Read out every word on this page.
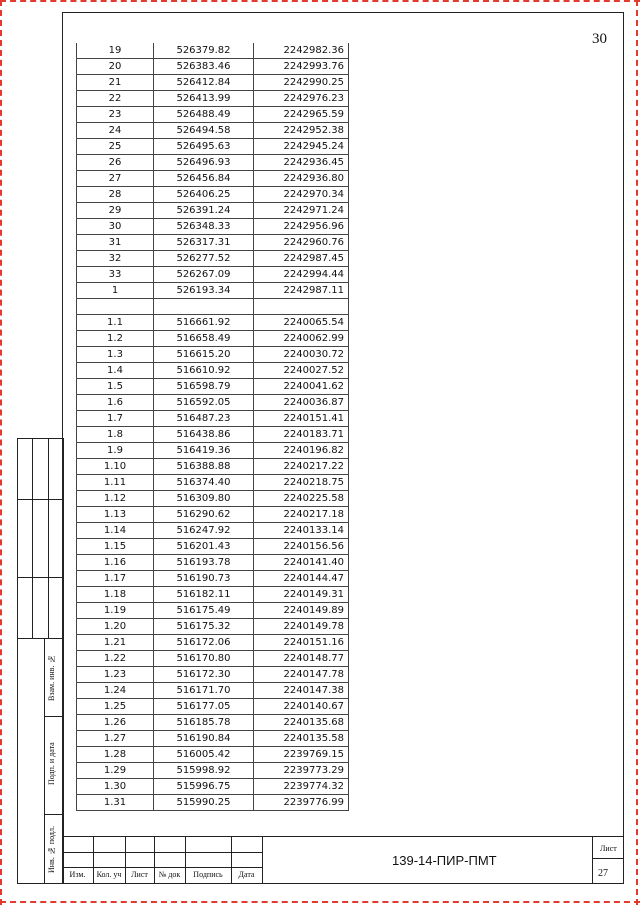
30
19	526379.82	2242982.36
20	526383.46	2242993.76
21	526412.84	2242990.25
22	526413.99	2242976.23
23	526488.49	2242965.59
24	526494.58	2242952.38
25	526495.63	2242945.24
26	526496.93	2242936.45
27	526456.84	2242936.80
28	526406.25	2242970.34
29	526391.24	2242971.24
30	526348.33	2242956.96
31	526317.31	2242960.76
32	526277.52	2242987.45
33	526267.09	2242994.44
1	526193.34	2242987.11

1.1	516661.92	2240065.54
1.2	516658.49	2240062.99
1.3	516615.20	2240030.72
1.4	516610.92	2240027.52
1.5	516598.79	2240041.62
1.6	516592.05	2240036.87
1.7	516487.23	2240151.41
1.8	516438.86	2240183.71
1.9	516419.36	2240196.82
1.10	516388.88	2240217.22
1.11	516374.40	2240218.75
1.12	516309.80	2240225.58
1.13	516290.62	2240217.18
1.14	516247.92	2240133.14
1.15	516201.43	2240156.56
1.16	516193.78	2240141.40
1.17	516190.73	2240144.47
1.18	516182.11	2240149.31
1.19	516175.49	2240149.89
1.20	516175.32	2240149.78
1.21	516172.06	2240151.16
1.22	516170.80	2240148.77
1.23	516172.30	2240147.78
1.24	516171.70	2240147.38
1.25	516177.05	2240140.67
1.26	516185.78	2240135.68
1.27	516190.84	2240135.58
1.28	516005.42	2239769.15
1.29	515998.92	2239773.29
1.30	515996.75	2239774.32
1.31	515990.25	2239776.99
Взам. инв. №
Подп. и дата
Инв. № подл.
Изм.	Кол. уч	Лист	№ док	Подпись	Дата
139-14-ПИР-ПМТ
Лист
27
